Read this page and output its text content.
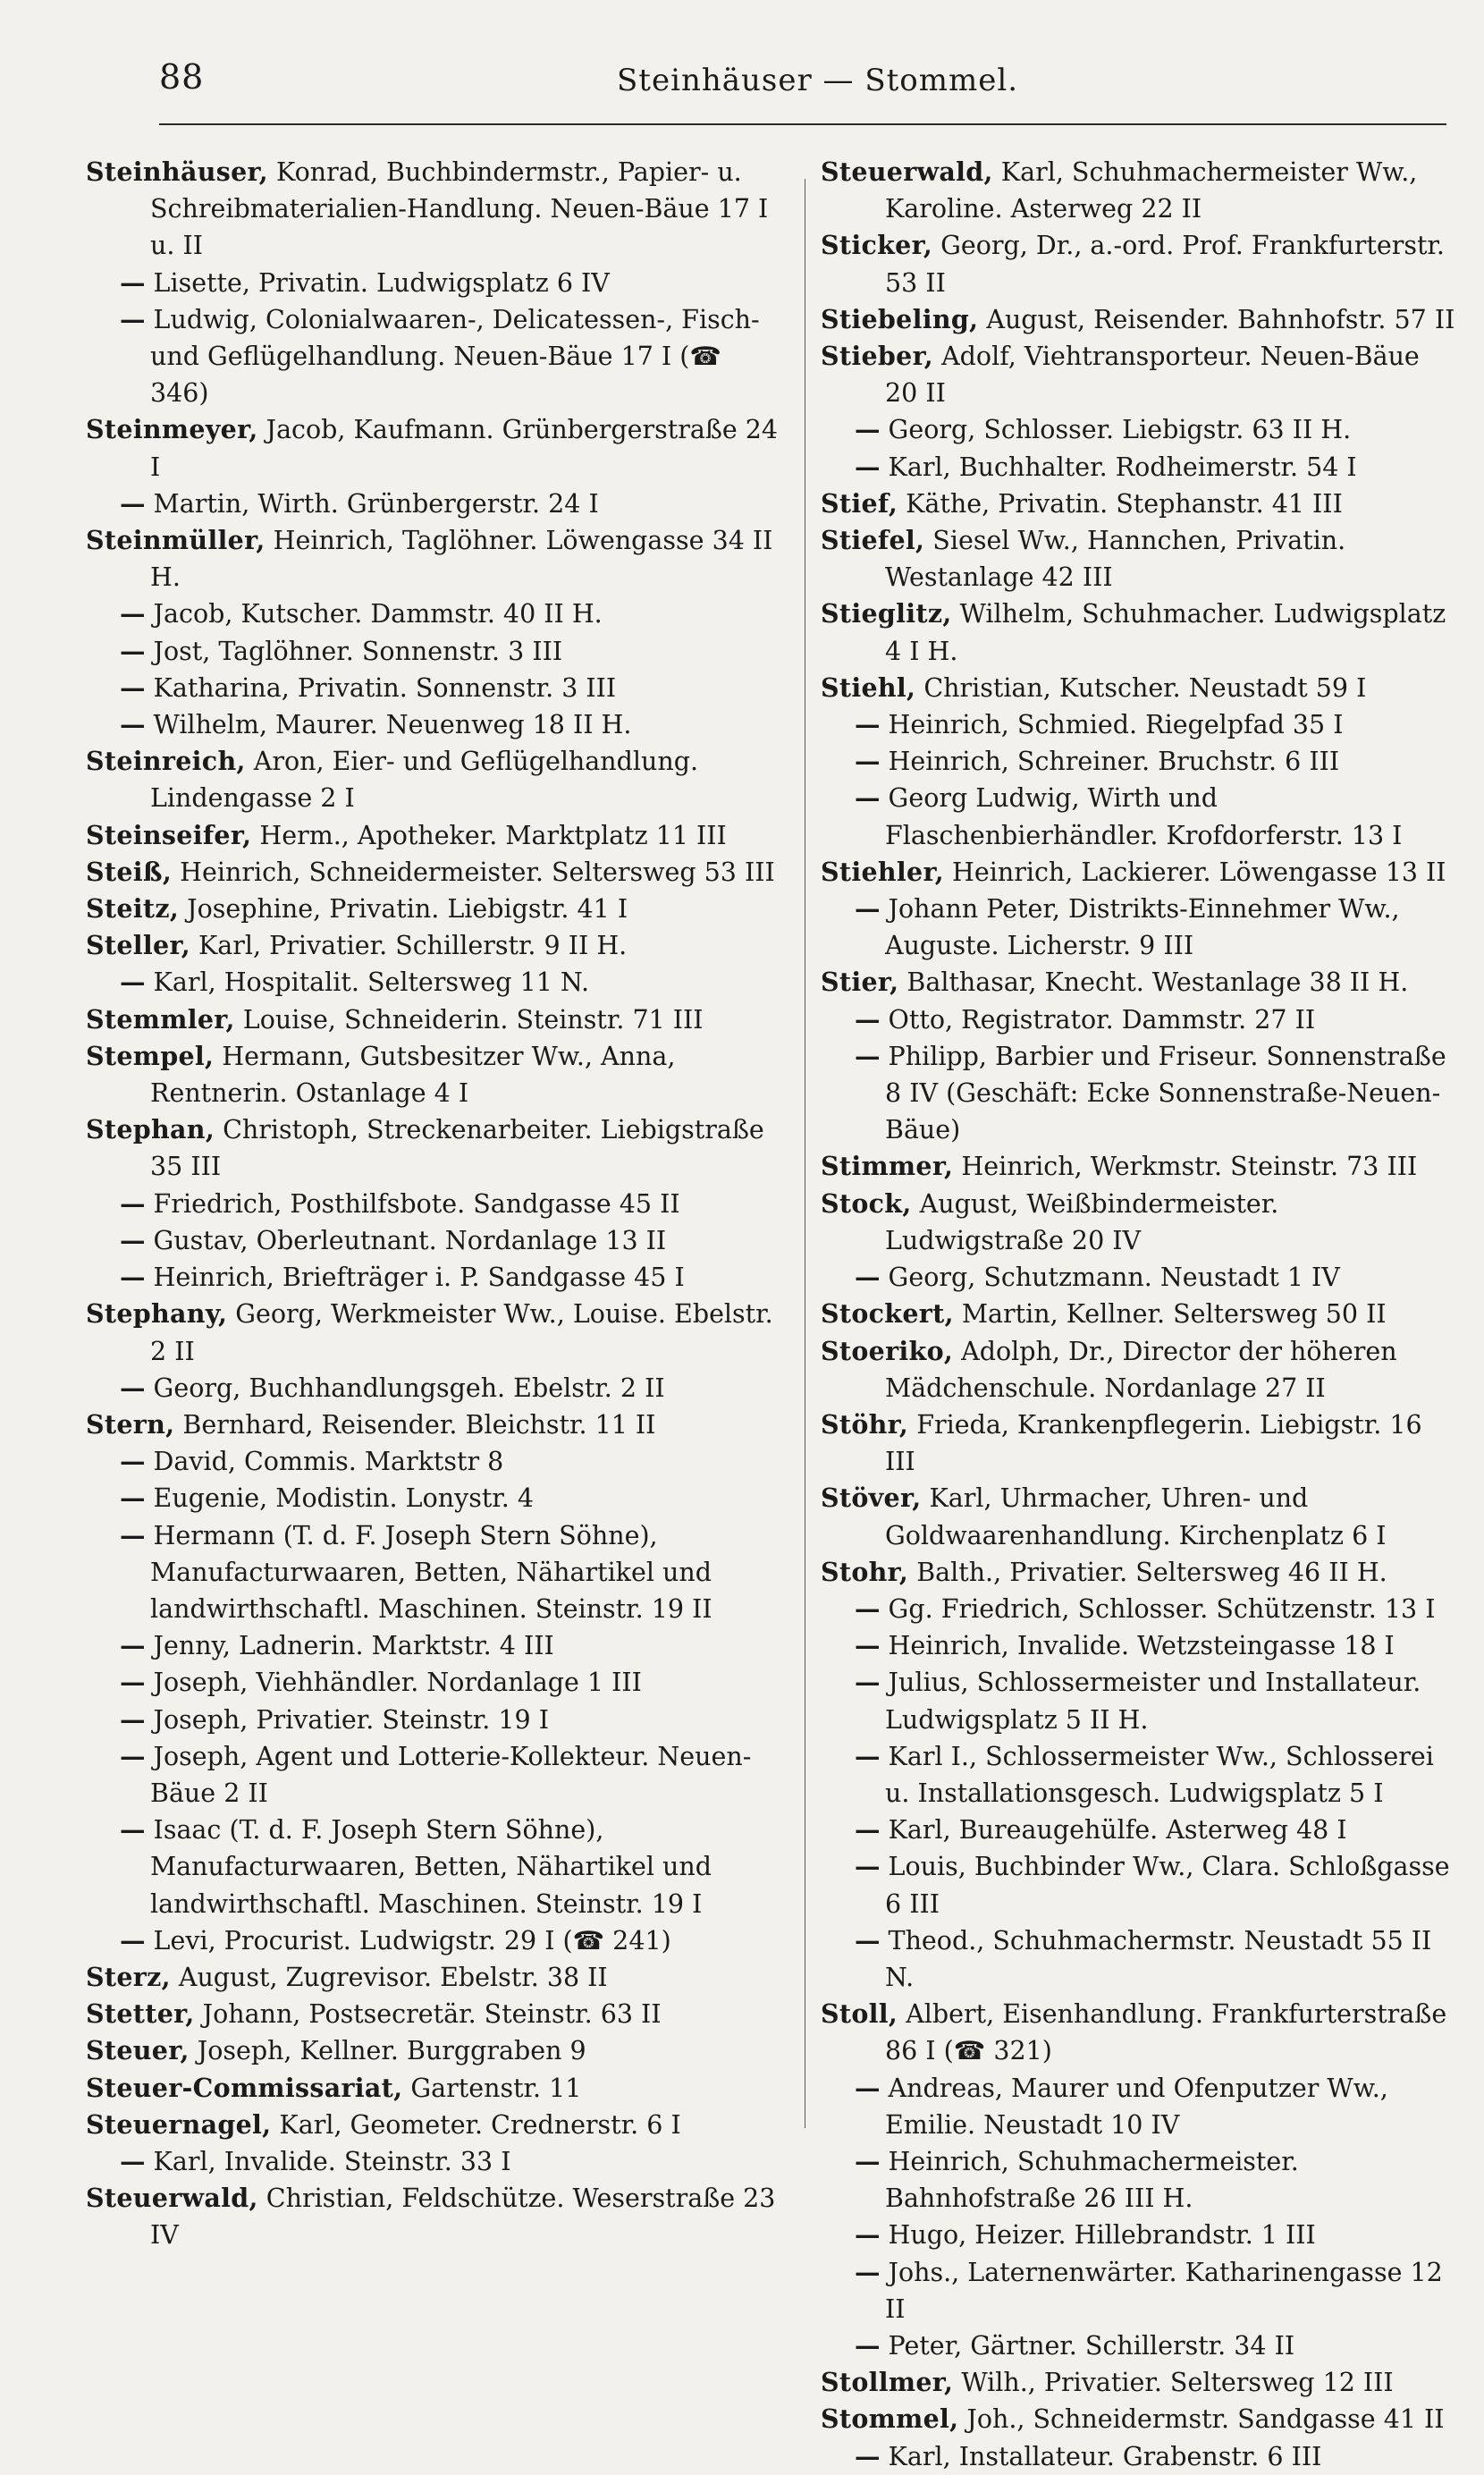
88	Steinhäuser — Stommel.
Steinhäuser, Konrad, Buchbindermstr., Papier- u. Schreibmaterialien-Handlung. Neuen-Bäue 17 I u. II
— Lisette, Privatin. Ludwigsplatz 6 IV
— Ludwig, Colonialwaaren-, Delicatessen-, Fisch- und Geflügelhandlung. Neuen-Bäue 17 I (☎ 346)
Steinmeyer, Jacob, Kaufmann. Grünbergerstraße 24 I
— Martin, Wirth. Grünbergerstr. 24 I
Steinmüller, Heinrich, Taglöhner. Löwengasse 34 II H.
— Jacob, Kutscher. Dammstr. 40 II H.
— Jost, Taglöhner. Sonnenstr. 3 III
— Katharina, Privatin. Sonnenstr. 3 III
— Wilhelm, Maurer. Neuenweg 18 II H.
Steinreich, Aron, Eier- und Geflügelhandlung. Lindengasse 2 I
Steinseifer, Herm., Apotheker. Marktplatz 11 III
Steiß, Heinrich, Schneidermeister. Seltersweg 53 III
Steitz, Josephine, Privatin. Liebigstr. 41 I
Steller, Karl, Privatier. Schillerstr. 9 II H.
— Karl, Hospitalit. Seltersweg 11 N.
Stemmler, Louise, Schneiderin. Steinstr. 71 III
Stempel, Hermann, Gutsbesitzer Ww., Anna, Rentnerin. Ostanlage 4 I
Stephan, Christoph, Streckenarbeiter. Liebigstraße 35 III
— Friedrich, Posthilfsbote. Sandgasse 45 II
— Gustav, Oberleutnant. Nordanlage 13 II
— Heinrich, Briefträger i. P. Sandgasse 45 I
Stephany, Georg, Werkmeister Ww., Louise. Ebelstr. 2 II
— Georg, Buchhandlungsgeh. Ebelstr. 2 II
Stern, Bernhard, Reisender. Bleichstr. 11 II
— David, Commis. Marktstr 8
— Eugenie, Modistin. Lonystr. 4
— Hermann (T. d. F. Joseph Stern Söhne), Manufacturwaaren, Betten, Nähartikel und landwirthschaftl. Maschinen. Steinstr. 19 II
— Jenny, Ladnerin. Marktstr. 4 III
— Joseph, Viehhändler. Nordanlage 1 III
— Joseph, Privatier. Steinstr. 19 I
— Joseph, Agent und Lotterie-Kollekteur. Neuen-Bäue 2 II
— Isaac (T. d. F. Joseph Stern Söhne), Manufacturwaaren, Betten, Nähartikel und landwirthschaftl. Maschinen. Steinstr. 19 I
— Levi, Procurist. Ludwigstr. 29 I (☎ 241)
Sterz, August, Zugrevisor. Ebelstr. 38 II
Stetter, Johann, Postsecretär. Steinstr. 63 II
Steuer, Joseph, Kellner. Burggraben 9
Steuer-Commissariat, Gartenstr. 11
Steuernagel, Karl, Geometer. Crednerstr. 6 I
— Karl, Invalide. Steinstr. 33 I
Steuerwald, Christian, Feldschütze. Weserstraße 23 IV
Steuerwald, Karl, Schuhmachermeister Ww., Karoline. Asterweg 22 II
Sticker, Georg, Dr., a.-ord. Prof. Frankfurterstr. 53 II
Stiebeling, August, Reisender. Bahnhofstr. 57 II
Stieber, Adolf, Viehtransporteur. Neuen-Bäue 20 II
— Georg, Schlosser. Liebigstr. 63 II H.
— Karl, Buchhalter. Rodheimerstr. 54 I
Stief, Käthe, Privatin. Stephanstr. 41 III
Stiefel, Siesel Ww., Hannchen, Privatin. Westanlage 42 III
Stieglitz, Wilhelm, Schuhmacher. Ludwigsplatz 4 I H.
Stiehl, Christian, Kutscher. Neustadt 59 I
— Heinrich, Schmied. Riegelpfad 35 I
— Heinrich, Schreiner. Bruchstr. 6 III
— Georg Ludwig, Wirth und Flaschenbierhändler. Krofdorferstr. 13 I
Stiehler, Heinrich, Lackierer. Löwengasse 13 II
— Johann Peter, Distrikts-Einnehmer Ww., Auguste. Licherstr. 9 III
Stier, Balthasar, Knecht. Westanlage 38 II H.
— Otto, Registrator. Dammstr. 27 II
— Philipp, Barbier und Friseur. Sonnenstraße 8 IV (Geschäft: Ecke Sonnenstraße-Neuen-Bäue)
Stimmer, Heinrich, Werkmstr. Steinstr. 73 III
Stock, August, Weißbindermeister. Ludwigstraße 20 IV
— Georg, Schutzmann. Neustadt 1 IV
Stockert, Martin, Kellner. Seltersweg 50 II
Stoeriko, Adolph, Dr., Director der höheren Mädchenschule. Nordanlage 27 II
Stöhr, Frieda, Krankenpflegerin. Liebigstr. 16 III
Stöver, Karl, Uhrmacher, Uhren- und Goldwaarenhandlung. Kirchenplatz 6 I
Stohr, Balth., Privatier. Seltersweg 46 II H.
— Gg. Friedrich, Schlosser. Schützenstr. 13 I
— Heinrich, Invalide. Wetzsteingasse 18 I
— Julius, Schlossermeister und Installateur. Ludwigsplatz 5 II H.
— Karl I., Schlossermeister Ww., Schlosserei u. Installationsgesch. Ludwigsplatz 5 I
— Karl, Bureaugehülfe. Asterweg 48 I
— Louis, Buchbinder Ww., Clara. Schloßgasse 6 III
— Theod., Schuhmachermstr. Neustadt 55 II N.
Stoll, Albert, Eisenhandlung. Frankfurterstraße 86 I (☎ 321)
— Andreas, Maurer und Ofenputzer Ww., Emilie. Neustadt 10 IV
— Heinrich, Schuhmachermeister. Bahnhofstraße 26 III H.
— Hugo, Heizer. Hillebrandstr. 1 III
— Johs., Laternenwärter. Katharinengasse 12 II
— Peter, Gärtner. Schillerstr. 34 II
Stollmer, Wilh., Privatier. Seltersweg 12 III
Stommel, Joh., Schneidermstr. Sandgasse 41 II
— Karl, Installateur. Grabenstr. 6 III
